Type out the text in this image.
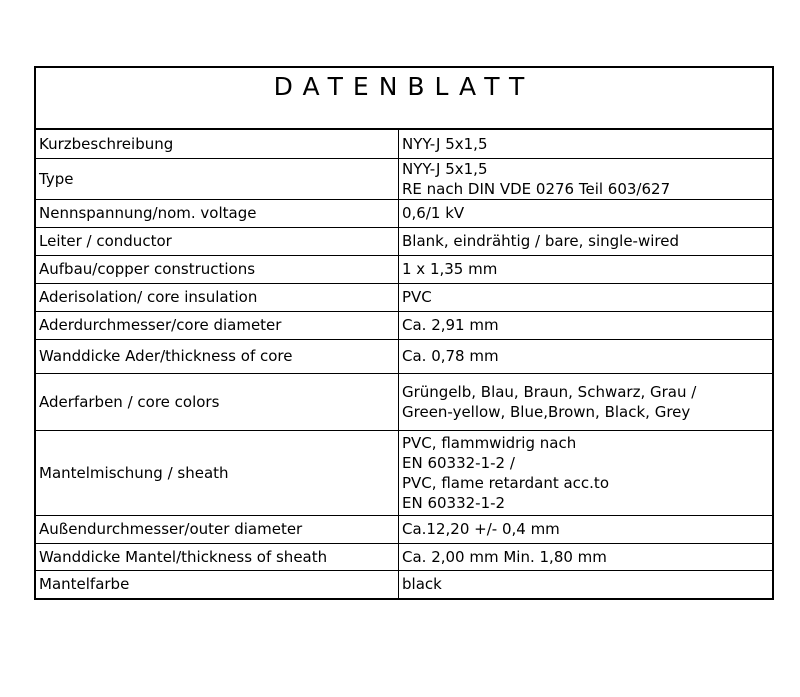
DATENBLATT
Kurzbeschreibung	NYY-J 5x1,5

Type	NYY-J 5x1,5
RE nach DIN VDE 0276 Teil 603/627

Nennspannung/nom. voltage	0,6/1 kV

Leiter / conductor	Blank, eindrähtig / bare, single-wired

Aufbau/copper constructions	1 x 1,35 mm

Aderisolation/ core insulation	PVC

Aderdurchmesser/core diameter	Ca. 2,91 mm

Wanddicke Ader/thickness of core	Ca. 0,78 mm

Aderfarben / core colors	Grüngelb, Blau, Braun, Schwarz, Grau /
Green-yellow, Blue,Brown, Black, Grey

Mantelmischung / sheath	PVC, flammwidrig nach
EN 60332-1-2 /
PVC, flame retardant acc.to
EN 60332-1-2

Außendurchmesser/outer diameter	Ca.12,20 +/- 0,4 mm

Wanddicke Mantel/thickness of sheath	Ca. 2,00 mm Min. 1,80 mm

Mantelfarbe	black
